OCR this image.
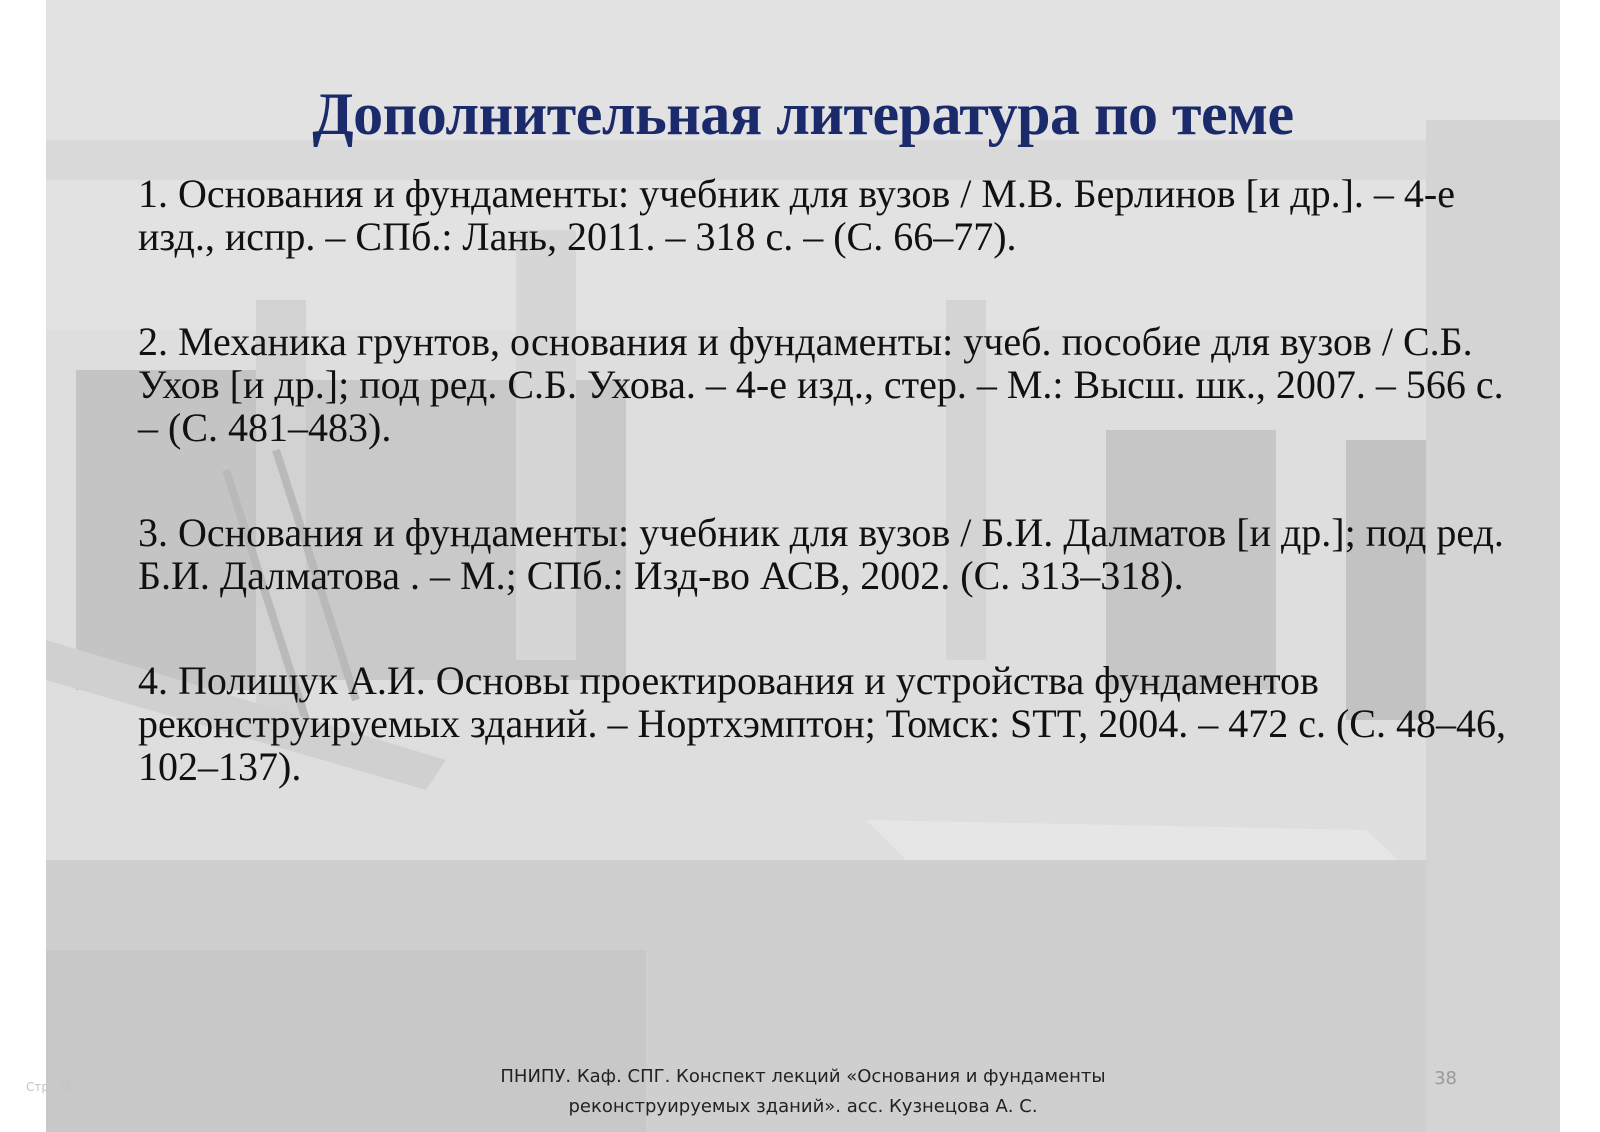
Дополнительная литература по теме

1. Основания и фундаменты: учебник для вузов / М.В. Берлинов [и др.]. – 4-е изд., испр. – СПб.: Лань, 2011. – 318 с. – (С. 66–77).

2. Механика грунтов, основания и фундаменты: учеб. пособие для вузов / С.Б. Ухов [и др.]; под ред. С.Б. Ухова. – 4-е изд., стер. – М.: Высш. шк., 2007. – 566 с. – (С. 481–483).

3. Основания и фундаменты: учебник для вузов / Б.И. Далматов [и др.]; под ред. Б.И. Далматова . – М.; СПб.: Изд-во АСВ, 2002. (С. 313–318).

4. Полищук А.И. Основы проектирования и устройства фундаментов реконструируемых зданий. – Нортхэмптон; Томск: STT, 2004. – 472 с. (С. 48–46, 102–137).

ПНИПУ. Каф. СПГ. Конспект лекций «Основания и фундаменты
реконструируемых зданий». асс. Кузнецова А. С.
38
Стр. 38
